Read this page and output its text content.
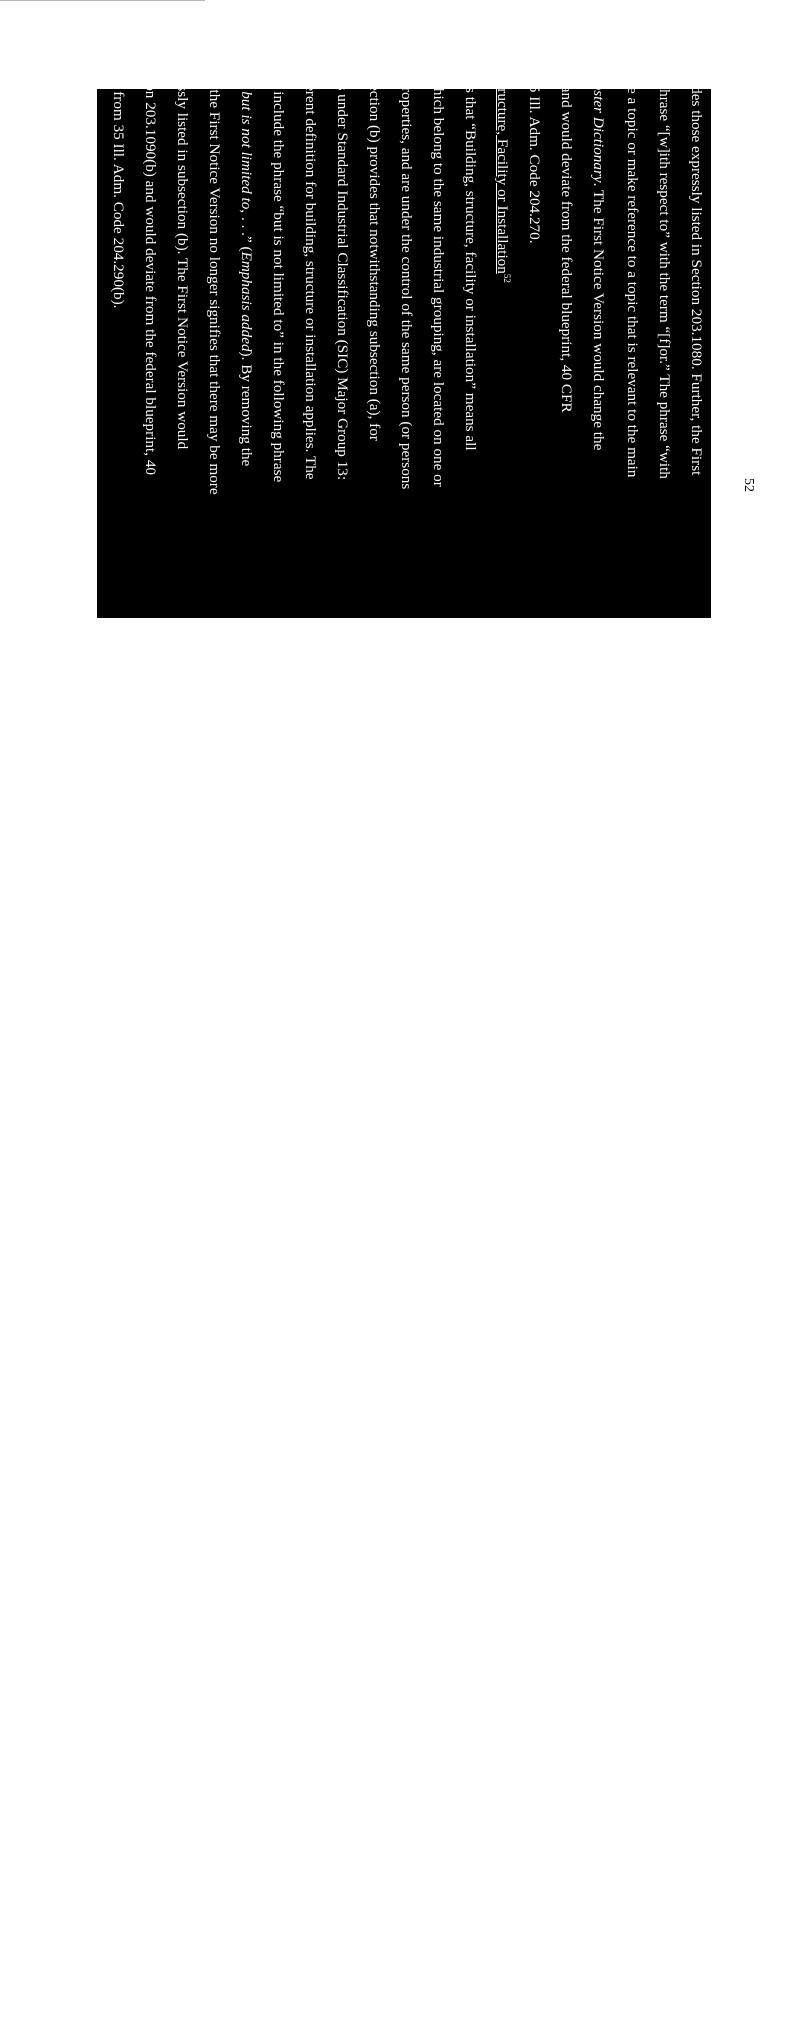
items besides those expressly listed in Section 203.1080. Further, the First
laces the phrase “[w]ith respect to” with the term “[f]or.” The phrase “with
o introduce a topic or make reference to a topic that is relevant to the main
rriam-Webster Dictionary. The First Notice Version would change the
203.1080 and would deviate from the federal blueprint, 40 CFR
nd from 35 Ill. Adm. Code 204.270.
uilding, Structure, Facility or Installation$^{52}$
a) provides that “Building, structure, facility or installation” means all
ctivities which belong to the same industrial grouping, are located on one or
adjacent properties, and are under the control of the same person (or persons
rol). Subsection (b) provides that notwithstanding subsection (a), for
e activities under Standard Industrial Classification (SIC) Major Group 13:
ion, a different definition for building, structure or installation applies. The
n does not include the phrase “but is not limited to” in the following phrase
t includes, but is not limited to, . . .” (Emphasis added). By removing the
mited to,” the First Notice Version no longer signifies that there may be more
that expressly listed in subsection (b). The First Notice Version would
g of Section 203.1090(b) and would deviate from the federal blueprint, 40
1)(B), and from 35 Ill. Adm. Code 204.290(b).
52
